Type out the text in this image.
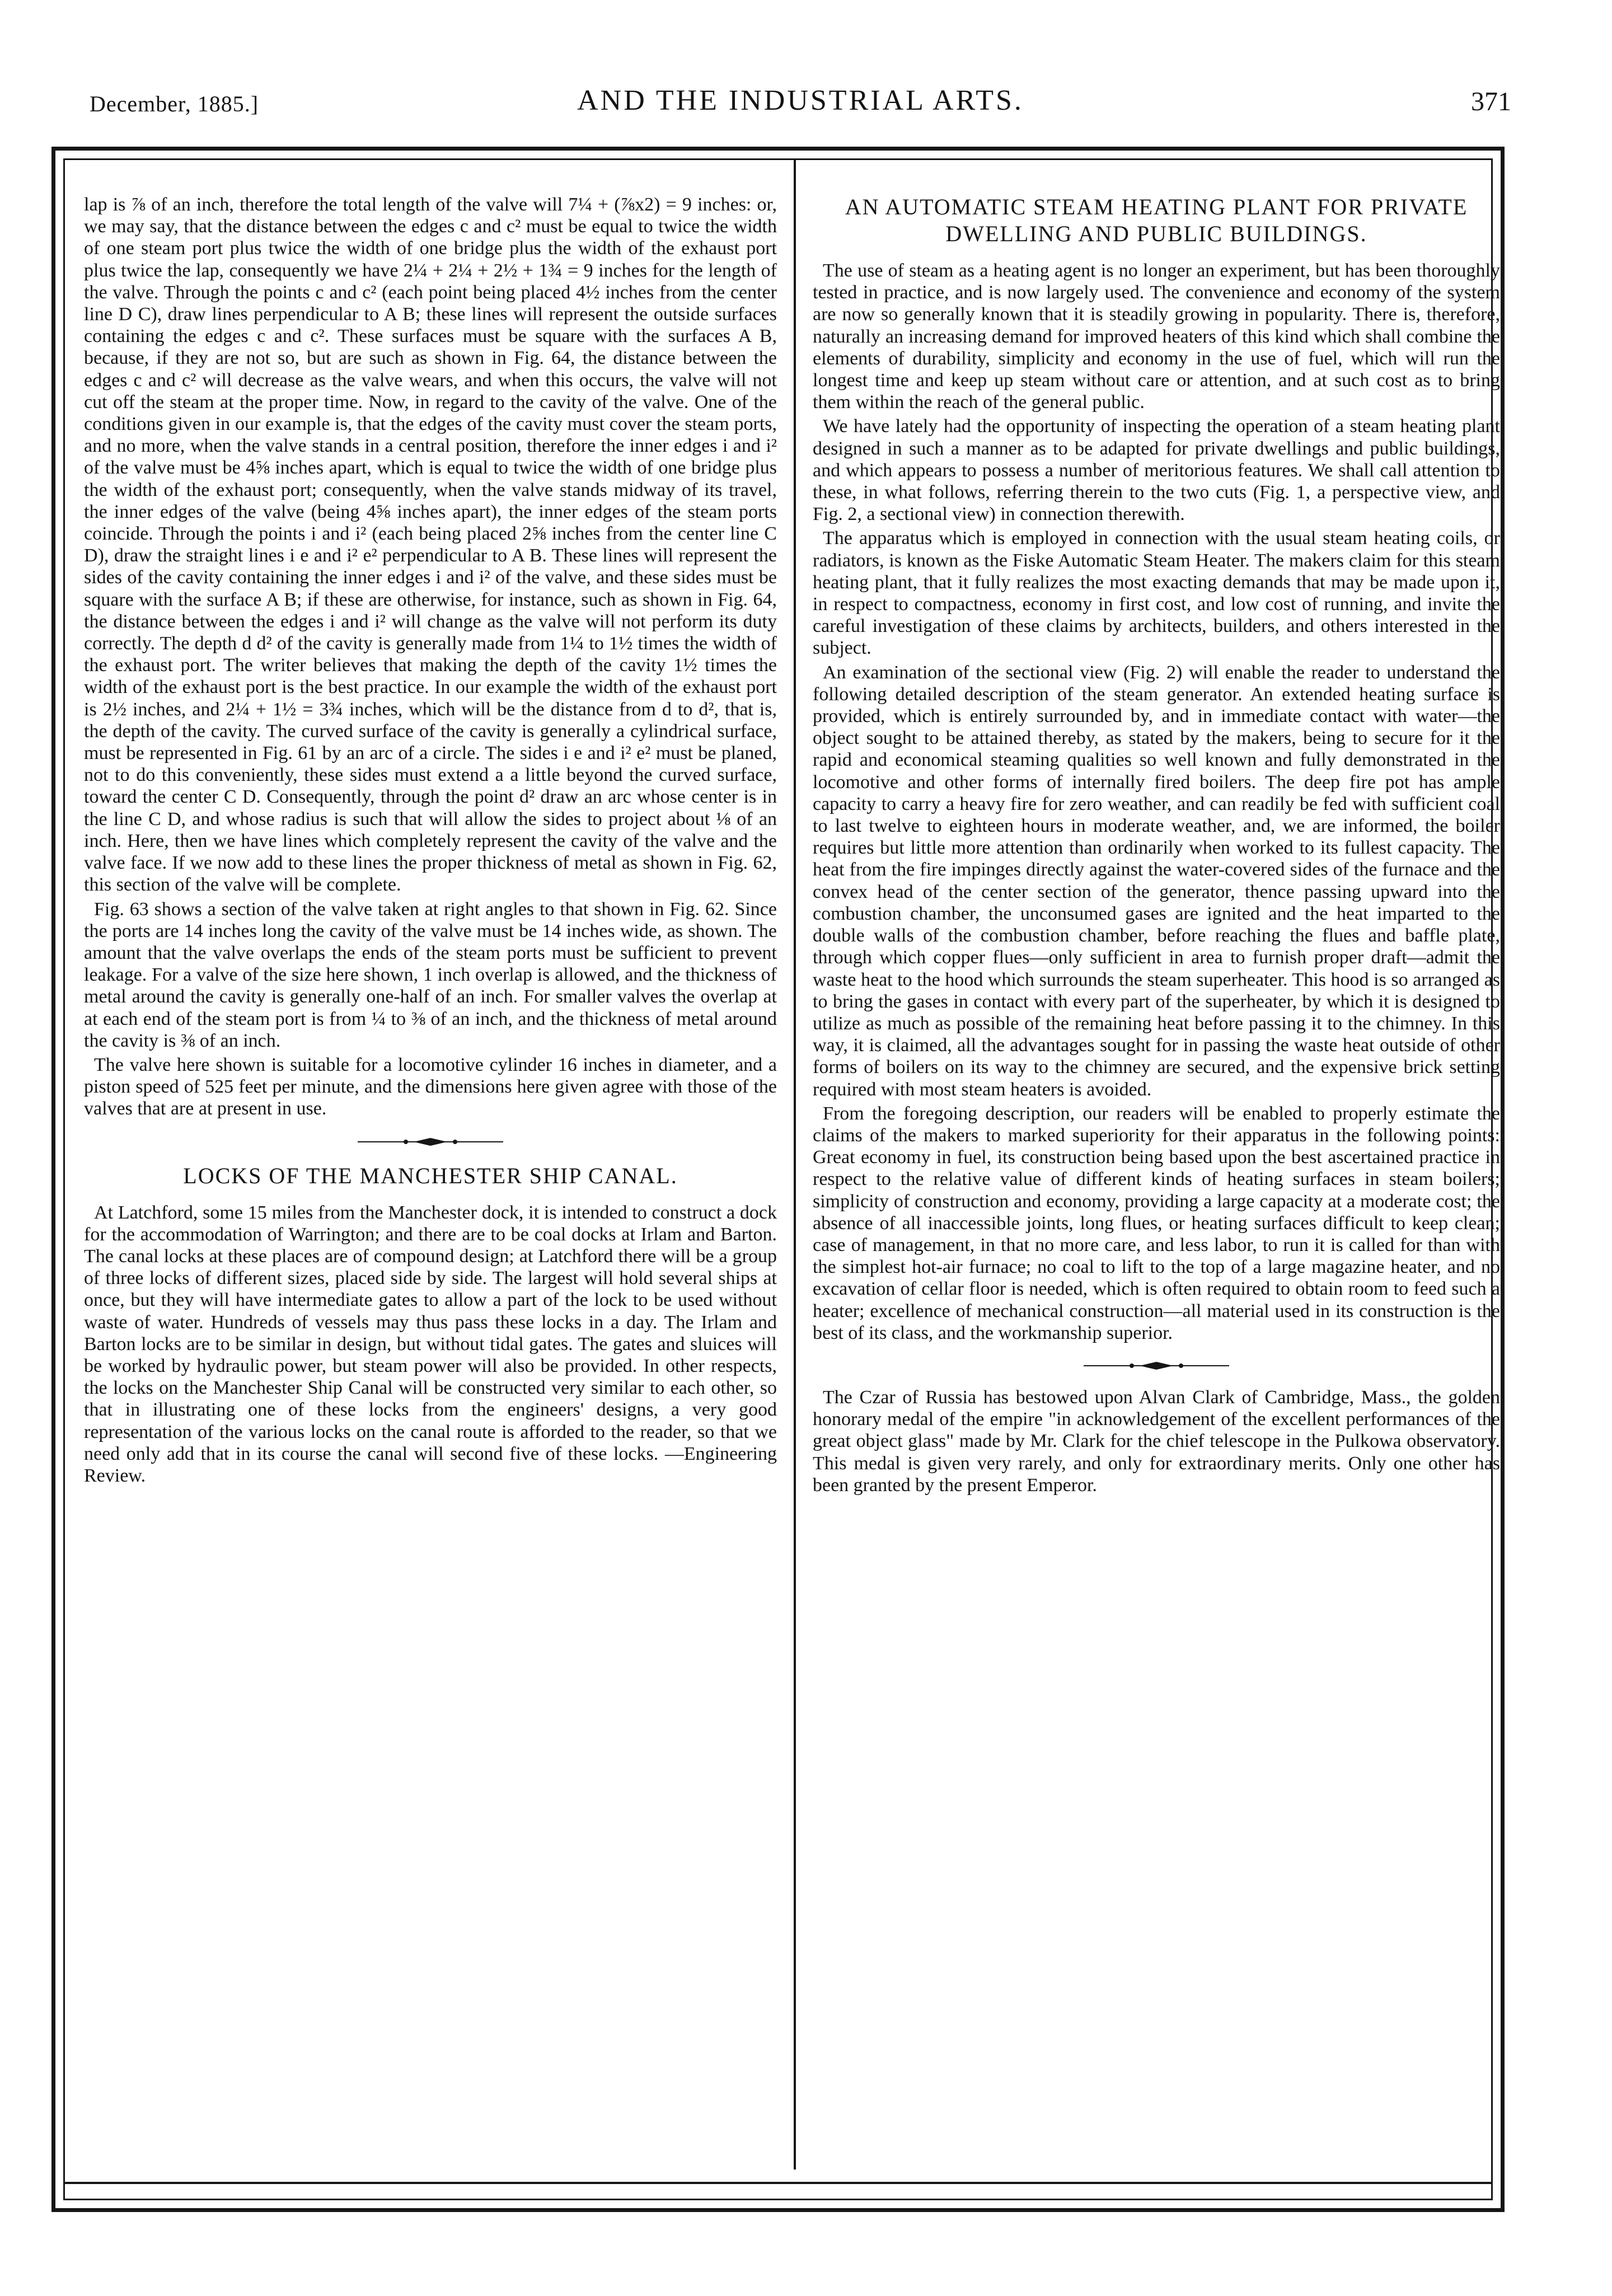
December, 1885.]	AND THE INDUSTRIAL ARTS.	371

lap is ⅞ of an inch, therefore the total length of the valve will 7¼ + (⅞x2) = 9 inches: or, we may say, that the distance between the edges c and c² must be equal to twice the width of one steam port plus twice the width of one bridge plus the width of the exhaust port plus twice the lap, consequently we have 2¼ + 2¼ + 2½ + 1¾ = 9 inches for the length of the valve. Through the points c and c² (each point being placed 4½ inches from the center line D C), draw lines perpendicular to A B; these lines will represent the outside surfaces containing the edges c and c². These surfaces must be square with the surfaces A B, because, if they are not so, but are such as shown in Fig. 64, the distance between the edges c and c² will decrease as the valve wears, and when this occurs, the valve will not cut off the steam at the proper time. Now, in regard to the cavity of the valve. One of the conditions given in our example is, that the edges of the cavity must cover the steam ports, and no more, when the valve stands in a central position, therefore the inner edges i and i² of the valve must be 4⅝ inches apart, which is equal to twice the width of one bridge plus the width of the exhaust port; consequently, when the valve stands midway of its travel, the inner edges of the valve (being 4⅝ inches apart), the inner edges of the steam ports coincide. Through the points i and i² (each being placed 2⅝ inches from the center line C D), draw the straight lines i e and i² e² perpendicular to A B. These lines will represent the sides of the cavity containing the inner edges i and i² of the valve, and these sides must be square with the surface A B; if these are otherwise, for instance, such as shown in Fig. 64, the distance between the edges i and i² will change as the valve will not perform its duty correctly. The depth d d² of the cavity is generally made from 1¼ to 1½ times the width of the exhaust port. The writer believes that making the depth of the cavity 1½ times the width of the exhaust port is the best practice. In our example the width of the exhaust port is 2½ inches, and 2¼ + 1½ = 3¾ inches, which will be the distance from d to d², that is, the depth of the cavity. The curved surface of the cavity is generally a cylindrical surface, must be represented in Fig. 61 by an arc of a circle. The sides i e and i² e² must be planed, not to do this conveniently, these sides must extend a a little beyond the curved surface, toward the center C D. Consequently, through the point d² draw an arc whose center is in the line C D, and whose radius is such that will allow the sides to project about ⅛ of an inch. Here, then we have lines which completely represent the cavity of the valve and the valve face. If we now add to these lines the proper thickness of metal as shown in Fig. 62, this section of the valve will be complete.

Fig. 63 shows a section of the valve taken at right angles to that shown in Fig. 62. Since the ports are 14 inches long the cavity of the valve must be 14 inches wide, as shown. The amount that the valve overlaps the ends of the steam ports must be sufficient to prevent leakage. For a valve of the size here shown, 1 inch overlap is allowed, and the thickness of metal around the cavity is generally one-half of an inch. For smaller valves the overlap at at each end of the steam port is from ¼ to ⅜ of an inch, and the thickness of metal around the cavity is ⅜ of an inch.

The valve here shown is suitable for a locomotive cylinder 16 inches in diameter, and a piston speed of 525 feet per minute, and the dimensions here given agree with those of the valves that are at present in use.

LOCKS OF THE MANCHESTER SHIP CANAL.

At Latchford, some 15 miles from the Manchester dock, it is intended to construct a dock for the accommodation of Warrington; and there are to be coal docks at Irlam and Barton. The canal locks at these places are of compound design; at Latchford there will be a group of three locks of different sizes, placed side by side. The largest will hold several ships at once, but they will have intermediate gates to allow a part of the lock to be used without waste of water. Hundreds of vessels may thus pass these locks in a day. The Irlam and Barton locks are to be similar in design, but without tidal gates. The gates and sluices will be worked by hydraulic power, but steam power will also be provided. In other respects, the locks on the Manchester Ship Canal will be constructed very similar to each other, so that in illustrating one of these locks from the engineers' designs, a very good representation of the various locks on the canal route is afforded to the reader, so that we need only add that in its course the canal will second five of these locks. —Engineering Review.

AN AUTOMATIC STEAM HEATING PLANT FOR PRIVATE DWELLING AND PUBLIC BUILDINGS.

The use of steam as a heating agent is no longer an experiment, but has been thoroughly tested in practice, and is now largely used. The convenience and economy of the system are now so generally known that it is steadily growing in popularity. There is, therefore, naturally an increasing demand for improved heaters of this kind which shall combine the elements of durability, simplicity and economy in the use of fuel, which will run the longest time and keep up steam without care or attention, and at such cost as to bring them within the reach of the general public.

We have lately had the opportunity of inspecting the operation of a steam heating plant designed in such a manner as to be adapted for private dwellings and public buildings, and which appears to possess a number of meritorious features. We shall call attention to these, in what follows, referring therein to the two cuts (Fig. 1, a perspective view, and Fig. 2, a sectional view) in connection therewith.

The apparatus which is employed in connection with the usual steam heating coils, or radiators, is known as the Fiske Automatic Steam Heater. The makers claim for this steam heating plant, that it fully realizes the most exacting demands that may be made upon it, in respect to compactness, economy in first cost, and low cost of running, and invite the careful investigation of these claims by architects, builders, and others interested in the subject.

An examination of the sectional view (Fig. 2) will enable the reader to understand the following detailed description of the steam generator. An extended heating surface is provided, which is entirely surrounded by, and in immediate contact with water—the object sought to be attained thereby, as stated by the makers, being to secure for it the rapid and economical steaming qualities so well known and fully demonstrated in the locomotive and other forms of internally fired boilers. The deep fire pot has ample capacity to carry a heavy fire for zero weather, and can readily be fed with sufficient coal to last twelve to eighteen hours in moderate weather, and, we are informed, the boiler requires but little more attention than ordinarily when worked to its fullest capacity. The heat from the fire impinges directly against the water-covered sides of the furnace and the convex head of the center section of the generator, thence passing upward into the combustion chamber, the unconsumed gases are ignited and the heat imparted to the double walls of the combustion chamber, before reaching the flues and baffle plate, through which copper flues—only sufficient in area to furnish proper draft—admit the waste heat to the hood which surrounds the steam superheater. This hood is so arranged as to bring the gases in contact with every part of the superheater, by which it is designed to utilize as much as possible of the remaining heat before passing it to the chimney. In this way, it is claimed, all the advantages sought for in passing the waste heat outside of other forms of boilers on its way to the chimney are secured, and the expensive brick setting required with most steam heaters is avoided.

From the foregoing description, our readers will be enabled to properly estimate the claims of the makers to marked superiority for their apparatus in the following points: Great economy in fuel, its construction being based upon the best ascertained practice in respect to the relative value of different kinds of heating surfaces in steam boilers; simplicity of construction and economy, providing a large capacity at a moderate cost; the absence of all inaccessible joints, long flues, or heating surfaces difficult to keep clean; case of management, in that no more care, and less labor, to run it is called for than with the simplest hot-air furnace; no coal to lift to the top of a large magazine heater, and no excavation of cellar floor is needed, which is often required to obtain room to feed such a heater; excellence of mechanical construction—all material used in its construction is the best of its class, and the workmanship superior.

The Czar of Russia has bestowed upon Alvan Clark of Cambridge, Mass., the golden honorary medal of the empire "in acknowledgement of the excellent performances of the great object glass" made by Mr. Clark for the chief telescope in the Pulkowa observatory. This medal is given very rarely, and only for extraordinary merits. Only one other has been granted by the present Emperor.
